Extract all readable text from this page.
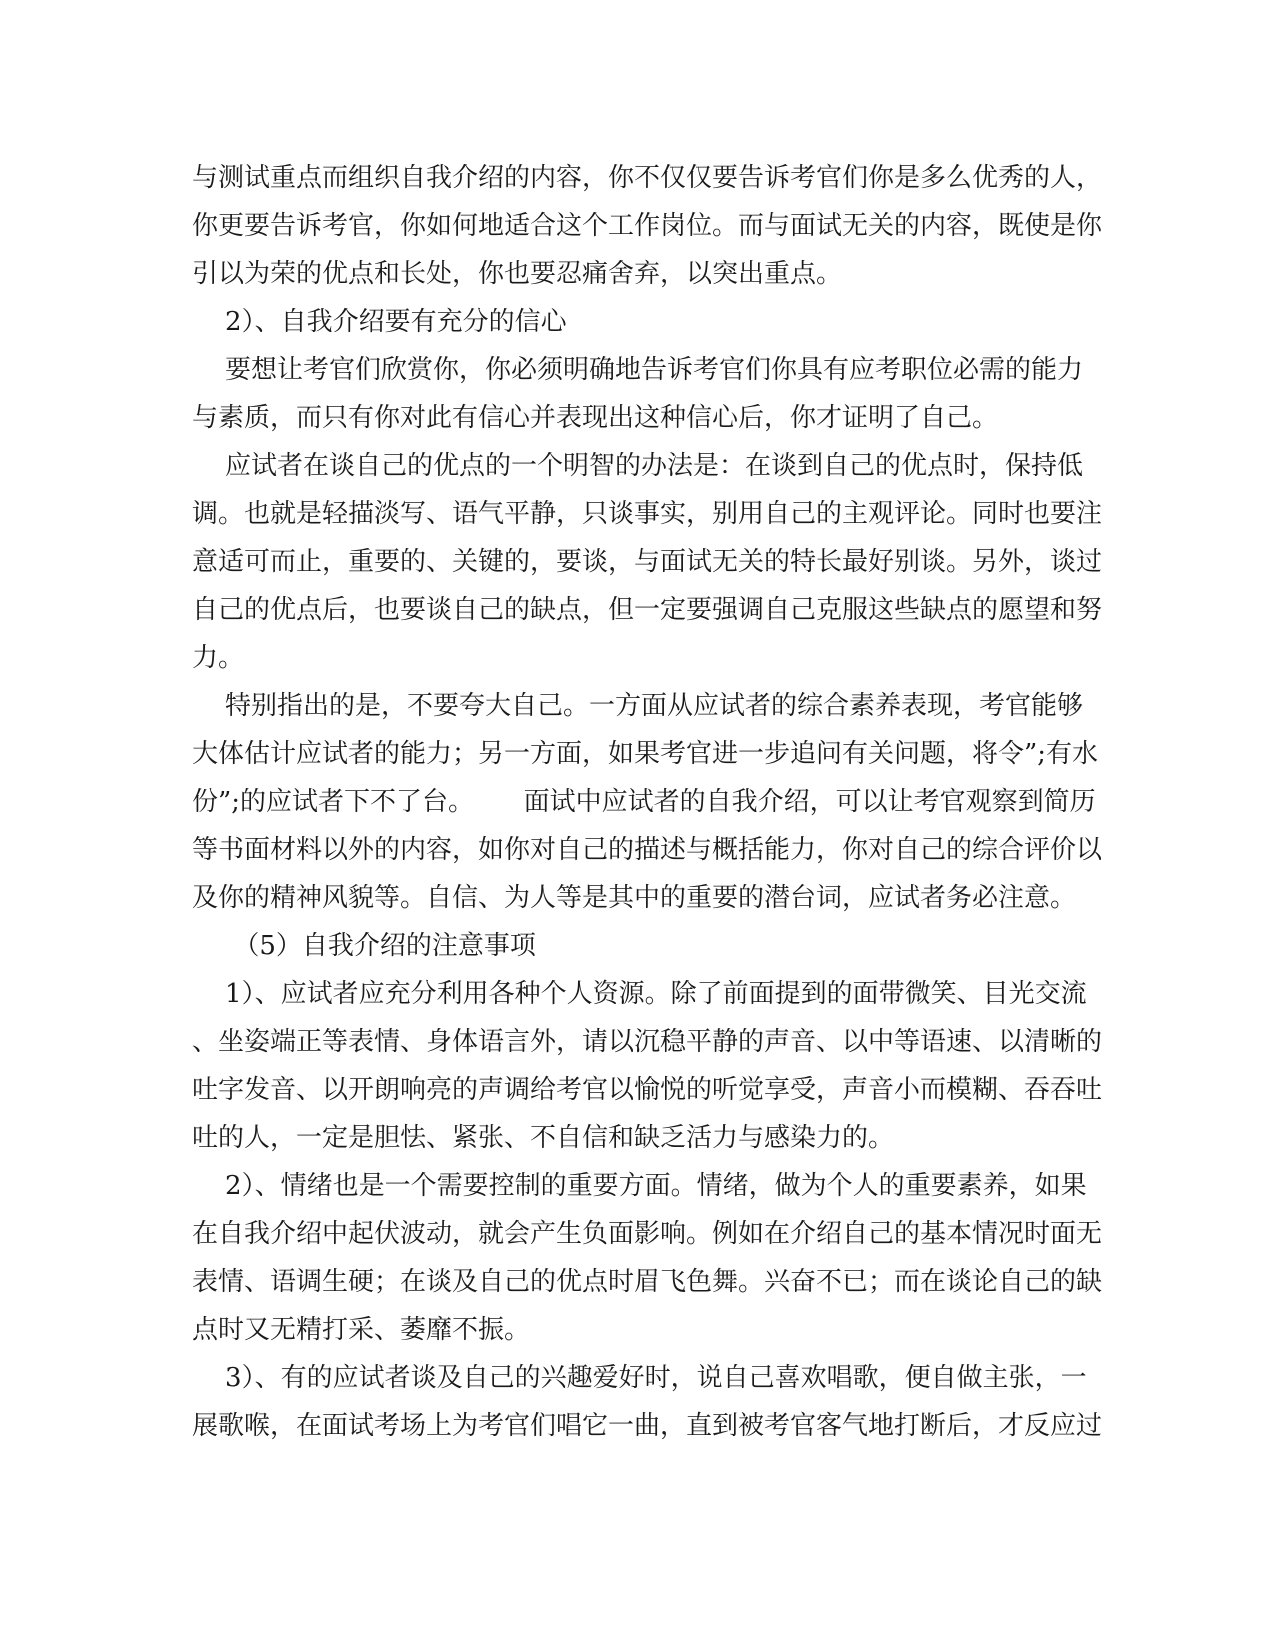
与测试重点而组织自我介绍的内容，你不仅仅要告诉考官们你是多么优秀的人，
你更要告诉考官，你如何地适合这个工作岗位。而与面试无关的内容，既使是你
引以为荣的优点和长处，你也要忍痛舍弃，以突出重点。
2）、自我介绍要有充分的信心
要想让考官们欣赏你，你必须明确地告诉考官们你具有应考职位必需的能力
与素质，而只有你对此有信心并表现出这种信心后，你才证明了自己。
应试者在谈自己的优点的一个明智的办法是：在谈到自己的优点时，保持低
调。也就是轻描淡写、语气平静，只谈事实，别用自己的主观评论。同时也要注
意适可而止，重要的、关键的，要谈，与面试无关的特长最好别谈。另外，谈过
自己的优点后，也要谈自己的缺点，但一定要强调自己克服这些缺点的愿望和努
力。
特别指出的是，不要夸大自己。一方面从应试者的综合素养表现，考官能够
大体估计应试者的能力；另一方面，如果考官进一步追问有关问题，将令”;有水
份”;的应试者下不了台。      面试中应试者的自我介绍，可以让考官观察到简历
等书面材料以外的内容，如你对自己的描述与概括能力，你对自己的综合评价以
及你的精神风貌等。自信、为人等是其中的重要的潜台词，应试者务必注意。
（5）自我介绍的注意事项
1）、应试者应充分利用各种个人资源。除了前面提到的面带微笑、目光交流
、坐姿端正等表情、身体语言外，请以沉稳平静的声音、以中等语速、以清晰的
吐字发音、以开朗响亮的声调给考官以愉悦的听觉享受，声音小而模糊、吞吞吐
吐的人，一定是胆怯、紧张、不自信和缺乏活力与感染力的。
2）、情绪也是一个需要控制的重要方面。情绪，做为个人的重要素养，如果
在自我介绍中起伏波动，就会产生负面影响。例如在介绍自己的基本情况时面无
表情、语调生硬；在谈及自己的优点时眉飞色舞。兴奋不已；而在谈论自己的缺
点时又无精打采、萎靡不振。
3）、有的应试者谈及自己的兴趣爱好时，说自己喜欢唱歌，便自做主张，一
展歌喉，在面试考场上为考官们唱它一曲，直到被考官客气地打断后，才反应过
